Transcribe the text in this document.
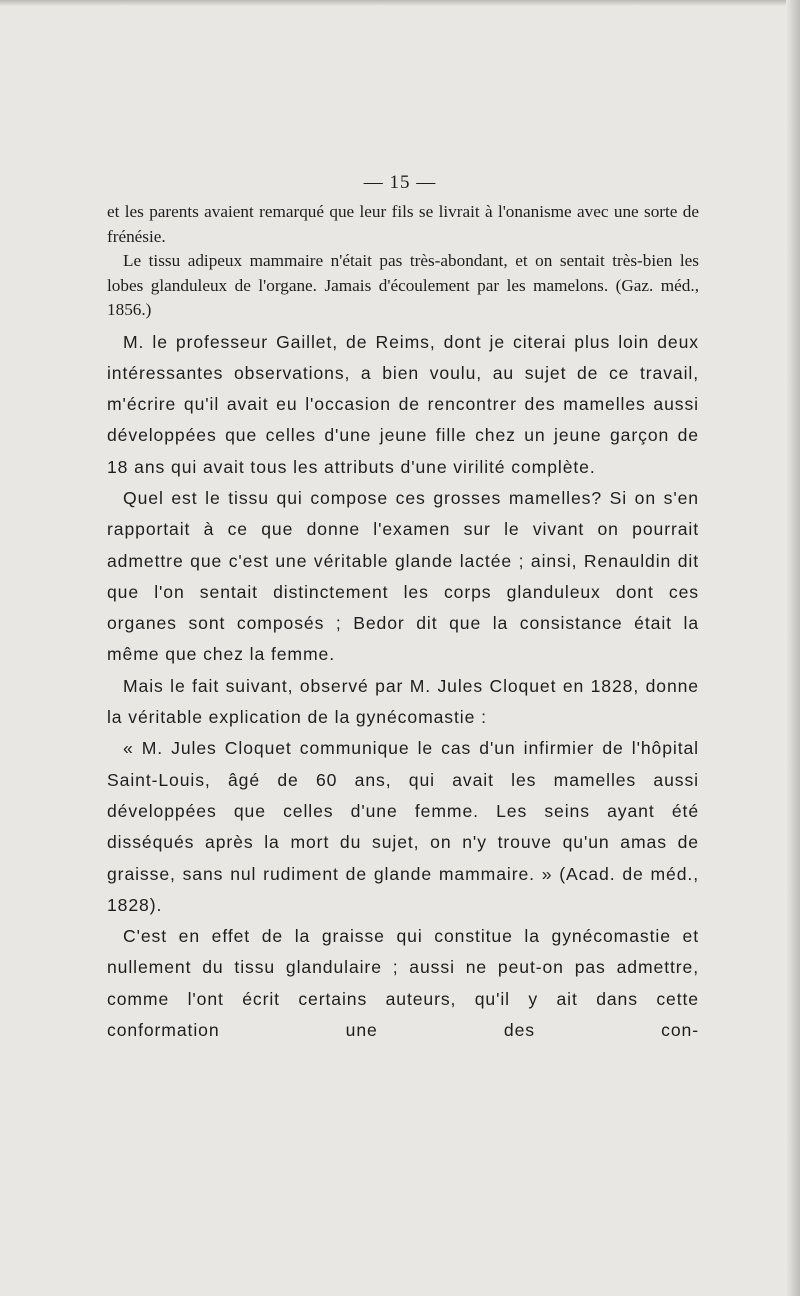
— 15 —

et les parents avaient remarqué que leur fils se livrait à l'onanisme avec une sorte de frénésie.

Le tissu adipeux mammaire n'était pas très-abondant, et on sentait très-bien les lobes glanduleux de l'organe. Jamais d'écoulement par les mamelons. (Gaz. méd., 1856.)

M. le professeur Gaillet, de Reims, dont je citerai plus loin deux intéressantes observations, a bien voulu, au sujet de ce travail, m'écrire qu'il avait eu l'occasion de rencontrer des mamelles aussi développées que celles d'une jeune fille chez un jeune garçon de 18 ans qui avait tous les attributs d'une virilité complète.

Quel est le tissu qui compose ces grosses mamelles? Si on s'en rapportait à ce que donne l'examen sur le vivant on pourrait admettre que c'est une véritable glande lactée ; ainsi, Renauldin dit que l'on sentait distinctement les corps glanduleux dont ces organes sont composés ; Bedor dit que la consistance était la même que chez la femme.

Mais le fait suivant, observé par M. Jules Cloquet en 1828, donne la véritable explication de la gynécomastie :

« M. Jules Cloquet communique le cas d'un infirmier de l'hôpital Saint-Louis, âgé de 60 ans, qui avait les mamelles aussi développées que celles d'une femme. Les seins ayant été disséqués après la mort du sujet, on n'y trouve qu'un amas de graisse, sans nul rudiment de glande mammaire. » (Acad. de méd., 1828).

C'est en effet de la graisse qui constitue la gynécomastie et nullement du tissu glandulaire ; aussi ne peut-on pas admettre, comme l'ont écrit certains auteurs, qu'il y ait dans cette conformation une des con-
